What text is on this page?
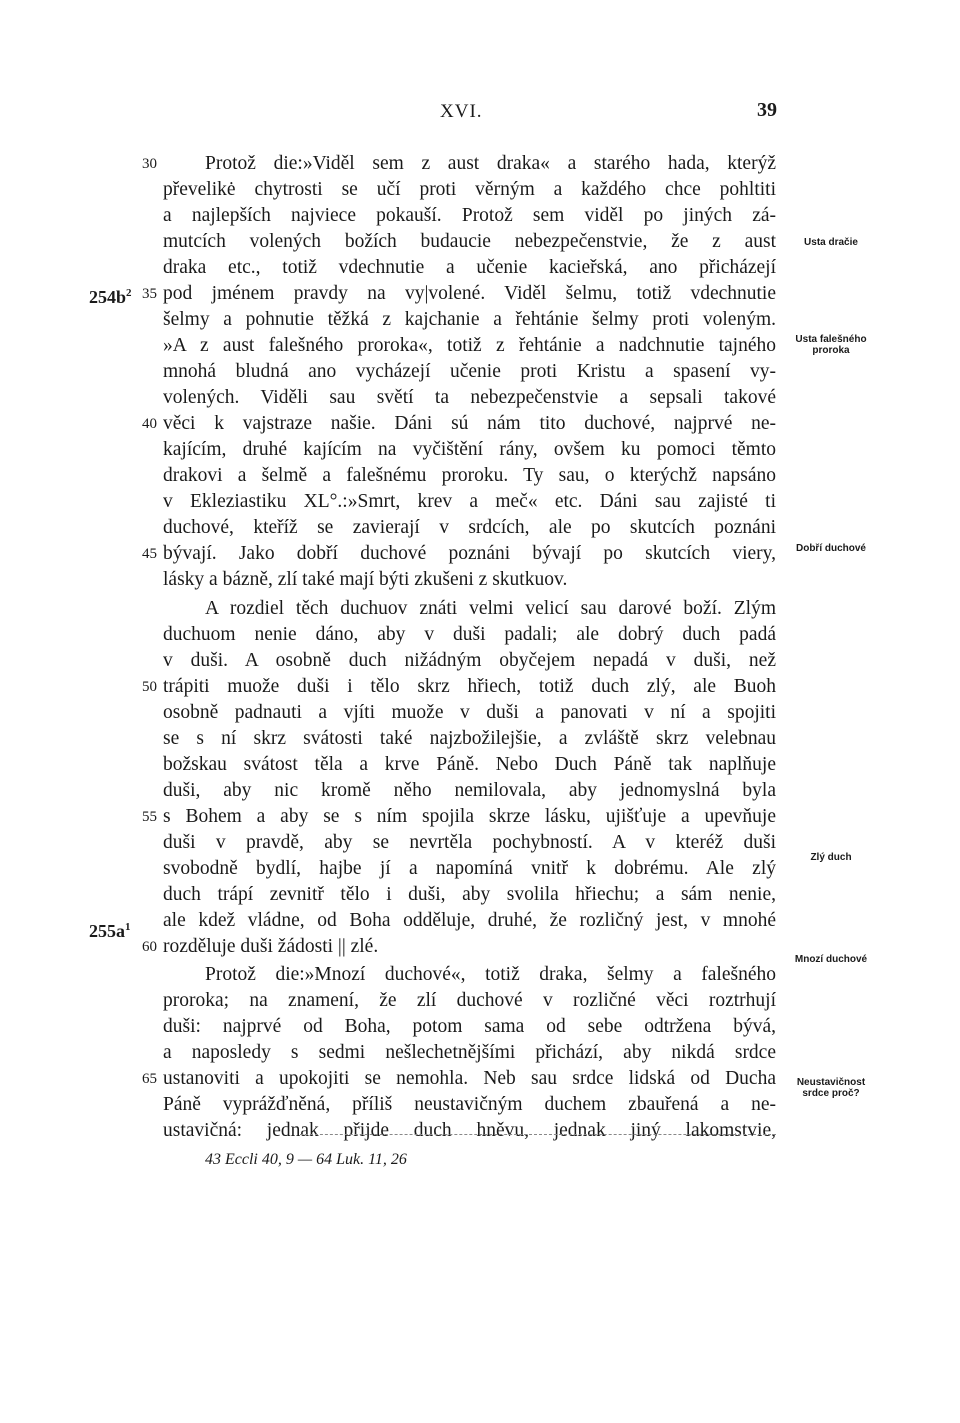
XVI.	39
Protož die:»Viděl sem z aust draka« a starého hada, kterýž
převelikė chytrosti se učí proti věrným a každého chce pohltiti
a najlepších najviece pokauší. Protož sem viděl po jiných zá-
mutcích volených božích budaucie nebezpečenstvie, že z aust
draka etc., totiž vdechnutie a učenie kacieřská, ano přicházejí
pod jménem pravdy na vy|volené. Viděl šelmu, totiž vdechnutie
šelmy a pohnutie těžká z kajchanie a řehtánie šelmy proti voleným.
»A z aust falešného proroka«, totiž z řehtánie a nadchnutie tajného
mnohá bludná ano vycházejí učenie proti Kristu a spasení vy-
volených. Viděli sau světí ta nebezpečenstvie a sepsali takové
věci k vajstraze našie. Dáni sú nám tito duchové, najprvé ne-
kajícím, druhé kajícím na vyčištění rány, ovšem ku pomoci těmto
drakovi a šelmě a falešnému proroku. Ty sau, o kterýchž napsáno
v Ekleziastiku XL°.:»Smrt, krev a meč« etc. Dáni sau zajisté ti
duchové, kteříž se zavierají v srdcích, ale po skutcích poznáni
bývají. Jako dobří duchové poznáni bývají po skutcích viery,
lásky a bázně, zlí také mají býti zkušeni z skutkuov.
A rozdiel těch duchuov znáti velmi velicí sau darové boží. Zlým
duchuom nenie dáno, aby v duši padali; ale dobrý duch padá
v duši. A osobně duch nižádným obyčejem nepadá v duši, než
trápiti muože duši i tělo skrz hřiech, totiž duch zlý, ale Buoh
osobně padnauti a vjíti muože v duši a panovati v ní a spojiti
se s ní skrz svátosti také najzbožilejšie, a zvláště skrz velebnau
božskau svátost těla a krve Páně. Nebo Duch Páně tak naplňuje
duši, aby nic kromě něho nemilovala, aby jednomyslná byla
s Bohem a aby se s ním spojila skrze lásku, ujišťuje a upevňuje
duši v pravdě, aby se nevrtěla pochybností. A v kteréž duši
svobodně bydlí, hajbe jí a napomíná vnitř k dobrému. Ale zlý
duch trápí zevnitř tělo i duši, aby svolila hřiechu; a sám nenie,
ale kdež vládne, od Boha odděluje, druhé, že rozličný jest, v mnohé
rozděluje duši žádosti || zlé.
Protož die:»Mnozí duchové«, totiž draka, šelmy a falešného
proroka; na znamení, že zlí duchové v rozličné věci roztrhují
duši: najprvé od Boha, potom sama od sebe odtržena bývá,
a naposledy s sedmi nešlechetnějšími přichází, aby nikdá srdce
ustanoviti a upokojiti se nemohla. Neb sau srdce lidská od Ducha
Páně vyprážďněná, příliš neustavičným duchem zbauřená a ne-
ustavičná: jednak přijde duch hněvu, jednak jiný lakomstvie,
30
35
40
45
50
55
60
65
$254b^2$
$255a^1$
Usta dračie
Usta falešného proroka
Dobří duchové
Zlý duch
Mnozí duchové
Neustavičnost srdce proč?
43 Eccli 40, 9 — 64 Luk. 11, 26
